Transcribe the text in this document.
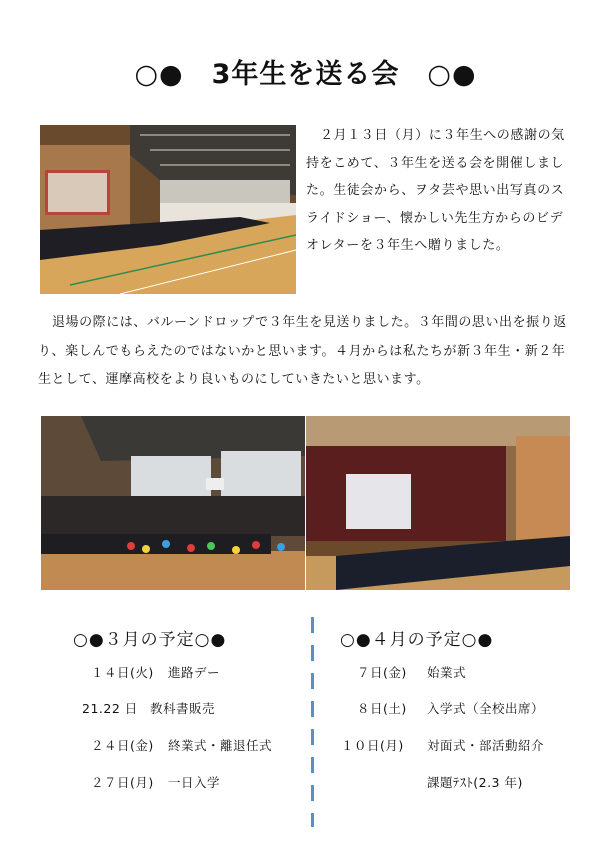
○●　3年生を送る会　○●

２月１３日（月）に３年生への感謝の気持をこめて、３年生を送る会を開催しました。生徒会から、ヲタ芸や思い出写真のスライドショー、懐かしい先生方からのビデオレターを３年生へ贈りました。

退場の際には、バルーンドロップで３年生を見送りました。３年間の思い出を振り返り、楽しんでもらえたのではないかと思います。４月からは私たちが新３年生・新２年生として、運摩高校をより良いものにしていきたいと思います。

○●３月の予定○●
１４日(火) 進路デー
21.22 日 教科書販売
２４日(金) 終業式・離退任式
２７日(月) 一日入学
○●４月の予定○●
７日(金) 始業式
８日(土) 入学式（全校出席）
１０日(月) 対面式・部活動紹介
課題ﾃｽﾄ(2.3 年)
